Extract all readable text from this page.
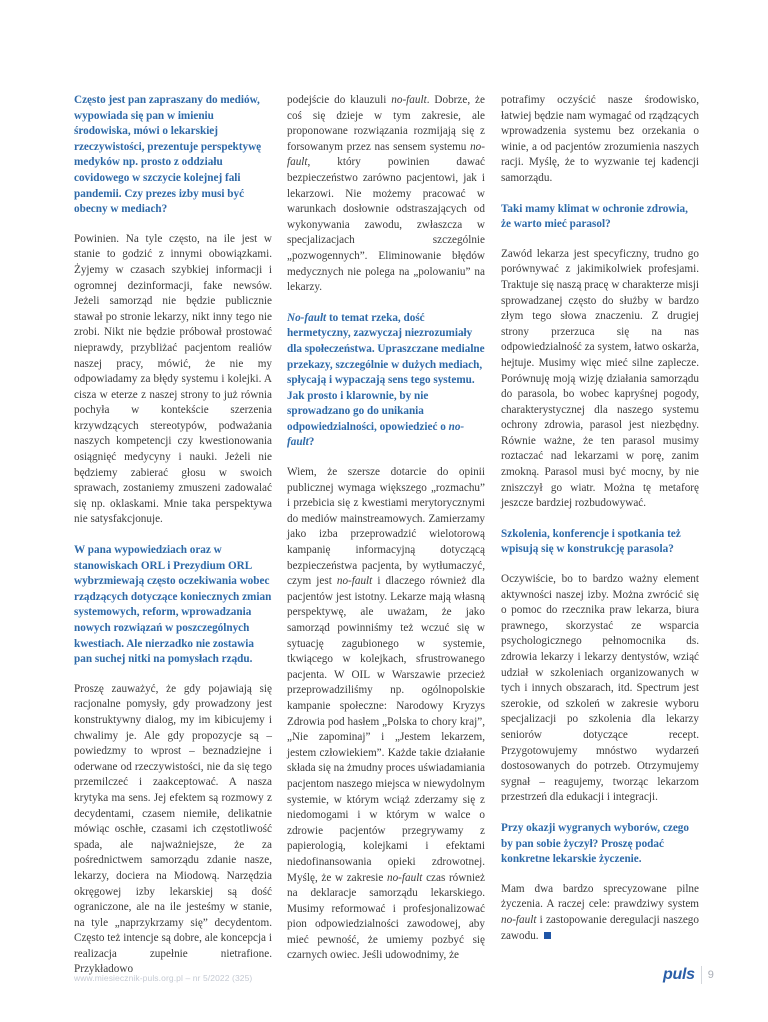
Często jest pan zapraszany do mediów, wypowiada się pan w imieniu środowiska, mówi o lekarskiej rzeczywistości, prezentuje perspektywę medyków np. prosto z oddziału covidowego w szczycie kolejnej fali pandemii. Czy prezes izby musi być obecny w mediach?

Powinien. Na tyle często, na ile jest w stanie to godzić z innymi obowiązkami. Żyjemy w czasach szybkiej informacji i ogromnej dezinformacji, fake newsów. Jeżeli samorząd nie będzie publicznie stawał po stronie lekarzy, nikt inny tego nie zrobi. Nikt nie będzie próbował prostować nieprawdy, przybliżać pacjentom realiów naszej pracy, mówić, że nie my odpowiadamy za błędy systemu i kolejki. A cisza w eterze z naszej strony to już równia pochyła w kontekście szerzenia krzywdzących stereotypów, podważania naszych kompetencji czy kwestionowania osiągnięć medycyny i nauki. Jeżeli nie będziemy zabierać głosu w swoich sprawach, zostaniemy zmuszeni zadowalać się np. oklaskami. Mnie taka perspektywa nie satysfakcjonuje.

W pana wypowiedziach oraz w stanowiskach ORL i Prezydium ORL wybrzmiewają często oczekiwania wobec rządzących dotyczące koniecznych zmian systemowych, reform, wprowadzania nowych rozwiązań w poszczególnych kwestiach. Ale nierzadko nie zostawia pan suchej nitki na pomysłach rządu.

Proszę zauważyć, że gdy pojawiają się racjonalne pomysły, gdy prowadzony jest konstruktywny dialog, my im kibicujemy i chwalimy je. Ale gdy propozycje są – powiedzmy to wprost – beznadziejne i oderwane od rzeczywistości, nie da się tego przemilczeć i zaakceptować. A nasza krytyka ma sens. Jej efektem są rozmowy z decydentami, czasem niemiłe, delikatnie mówiąc oschłe, czasami ich częstotliwość spada, ale najważniejsze, że za pośrednictwem samorządu zdanie nasze, lekarzy, dociera na Miodową. Narzędzia okręgowej izby lekarskiej są dość ograniczone, ale na ile jesteśmy w stanie, na tyle „naprzykrzamy się” decydentom. Często też intencje są dobre, ale koncepcja i realizacja zupełnie nietrafione. Przykładowo

podejście do klauzuli no-fault. Dobrze, że coś się dzieje w tym zakresie, ale proponowane rozwiązania rozmijają się z forsowanym przez nas sensem systemu no-fault, który powinien dawać bezpieczeństwo zarówno pacjentowi, jak i lekarzowi. Nie możemy pracować w warunkach dosłownie odstraszających od wykonywania zawodu, zwłaszcza w specjalizacjach szczególnie „pozwogennych”. Eliminowanie błędów medycznych nie polega na „polowaniu” na lekarzy.

No-fault to temat rzeka, dość hermetyczny, zazwyczaj niezrozumiały dla społeczeństwa. Upraszczane medialne przekazy, szczególnie w dużych mediach, spłycają i wypaczają sens tego systemu. Jak prosto i klarownie, by nie sprowadzano go do unikania odpowiedzialności, opowiedzieć o no-fault?

Wiem, że szersze dotarcie do opinii publicznej wymaga większego „rozmachu” i przebicia się z kwestiami merytorycznymi do mediów mainstreamowych. Zamierzamy jako izba przeprowadzić wielotorową kampanię informacyjną dotyczącą bezpieczeństwa pacjenta, by wytłumaczyć, czym jest no-fault i dlaczego również dla pacjentów jest istotny. Lekarze mają własną perspektywę, ale uważam, że jako samorząd powinniśmy też wczuć się w sytuację zagubionego w systemie, tkwiącego w kolejkach, sfrustrowanego pacjenta. W OIL w Warszawie przecież przeprowadziliśmy np. ogólnopolskie kampanie społeczne: Narodowy Kryzys Zdrowia pod hasłem „Polska to chory kraj”, „Nie zapominaj” i „Jestem lekarzem, jestem człowiekiem”. Każde takie działanie składa się na żmudny proces uświadamiania pacjentom naszego miejsca w niewydolnym systemie, w którym wciąż zderzamy się z niedomogami i w którym w walce o zdrowie pacjentów przegrywamy z papierologią, kolejkami i efektami niedofinansowania opieki zdrowotnej. Myślę, że w zakresie no-fault czas również na deklaracje samorządu lekarskiego. Musimy reformować i profesjonalizować pion odpowiedzialności zawodowej, aby mieć pewność, że umiemy pozbyć się czarnych owiec. Jeśli udowodnimy, że

potrafimy oczyścić nasze środowisko, łatwiej będzie nam wymagać od rządzących wprowadzenia systemu bez orzekania o winie, a od pacjentów zrozumienia naszych racji. Myślę, że to wyzwanie tej kadencji samorządu.

Taki mamy klimat w ochronie zdrowia, że warto mieć parasol?

Zawód lekarza jest specyficzny, trudno go porównywać z jakimikolwiek profesjami. Traktuje się naszą pracę w charakterze misji sprowadzanej często do służby w bardzo złym tego słowa znaczeniu. Z drugiej strony przerzuca się na nas odpowiedzialność za system, łatwo oskarża, hejtuje. Musimy więc mieć silne zaplecze. Porównuję moją wizję działania samorządu do parasola, bo wobec kapryśnej pogody, charakterystycznej dla naszego systemu ochrony zdrowia, parasol jest niezbędny. Równie ważne, że ten parasol musimy roztaczać nad lekarzami w porę, zanim zmokną. Parasol musi być mocny, by nie zniszczył go wiatr. Można tę metaforę jeszcze bardziej rozbudowywać.

Szkolenia, konferencje i spotkania też wpisują się w konstrukcję parasola?

Oczywiście, bo to bardzo ważny element aktywności naszej izby. Można zwrócić się o pomoc do rzecznika praw lekarza, biura prawnego, skorzystać ze wsparcia psychologicznego pełnomocnika ds. zdrowia lekarzy i lekarzy dentystów, wziąć udział w szkoleniach organizowanych w tych i innych obszarach, itd. Spectrum jest szerokie, od szkoleń w zakresie wyboru specjalizacji po szkolenia dla lekarzy seniorów dotyczące recept. Przygotowujemy mnóstwo wydarzeń dostosowanych do potrzeb. Otrzymujemy sygnał – reagujemy, tworząc lekarzom przestrzeń dla edukacji i integracji.

Przy okazji wygranych wyborów, czego by pan sobie życzył? Proszę podać konkretne lekarskie życzenie.

Mam dwa bardzo sprecyzowane pilne życzenia. A raczej cele: prawdziwy system no-fault i zastopowanie deregulacji naszego zawodu.

www.miesiecznik-puls.org.pl – nr 5/2022 (325)	puls 9
